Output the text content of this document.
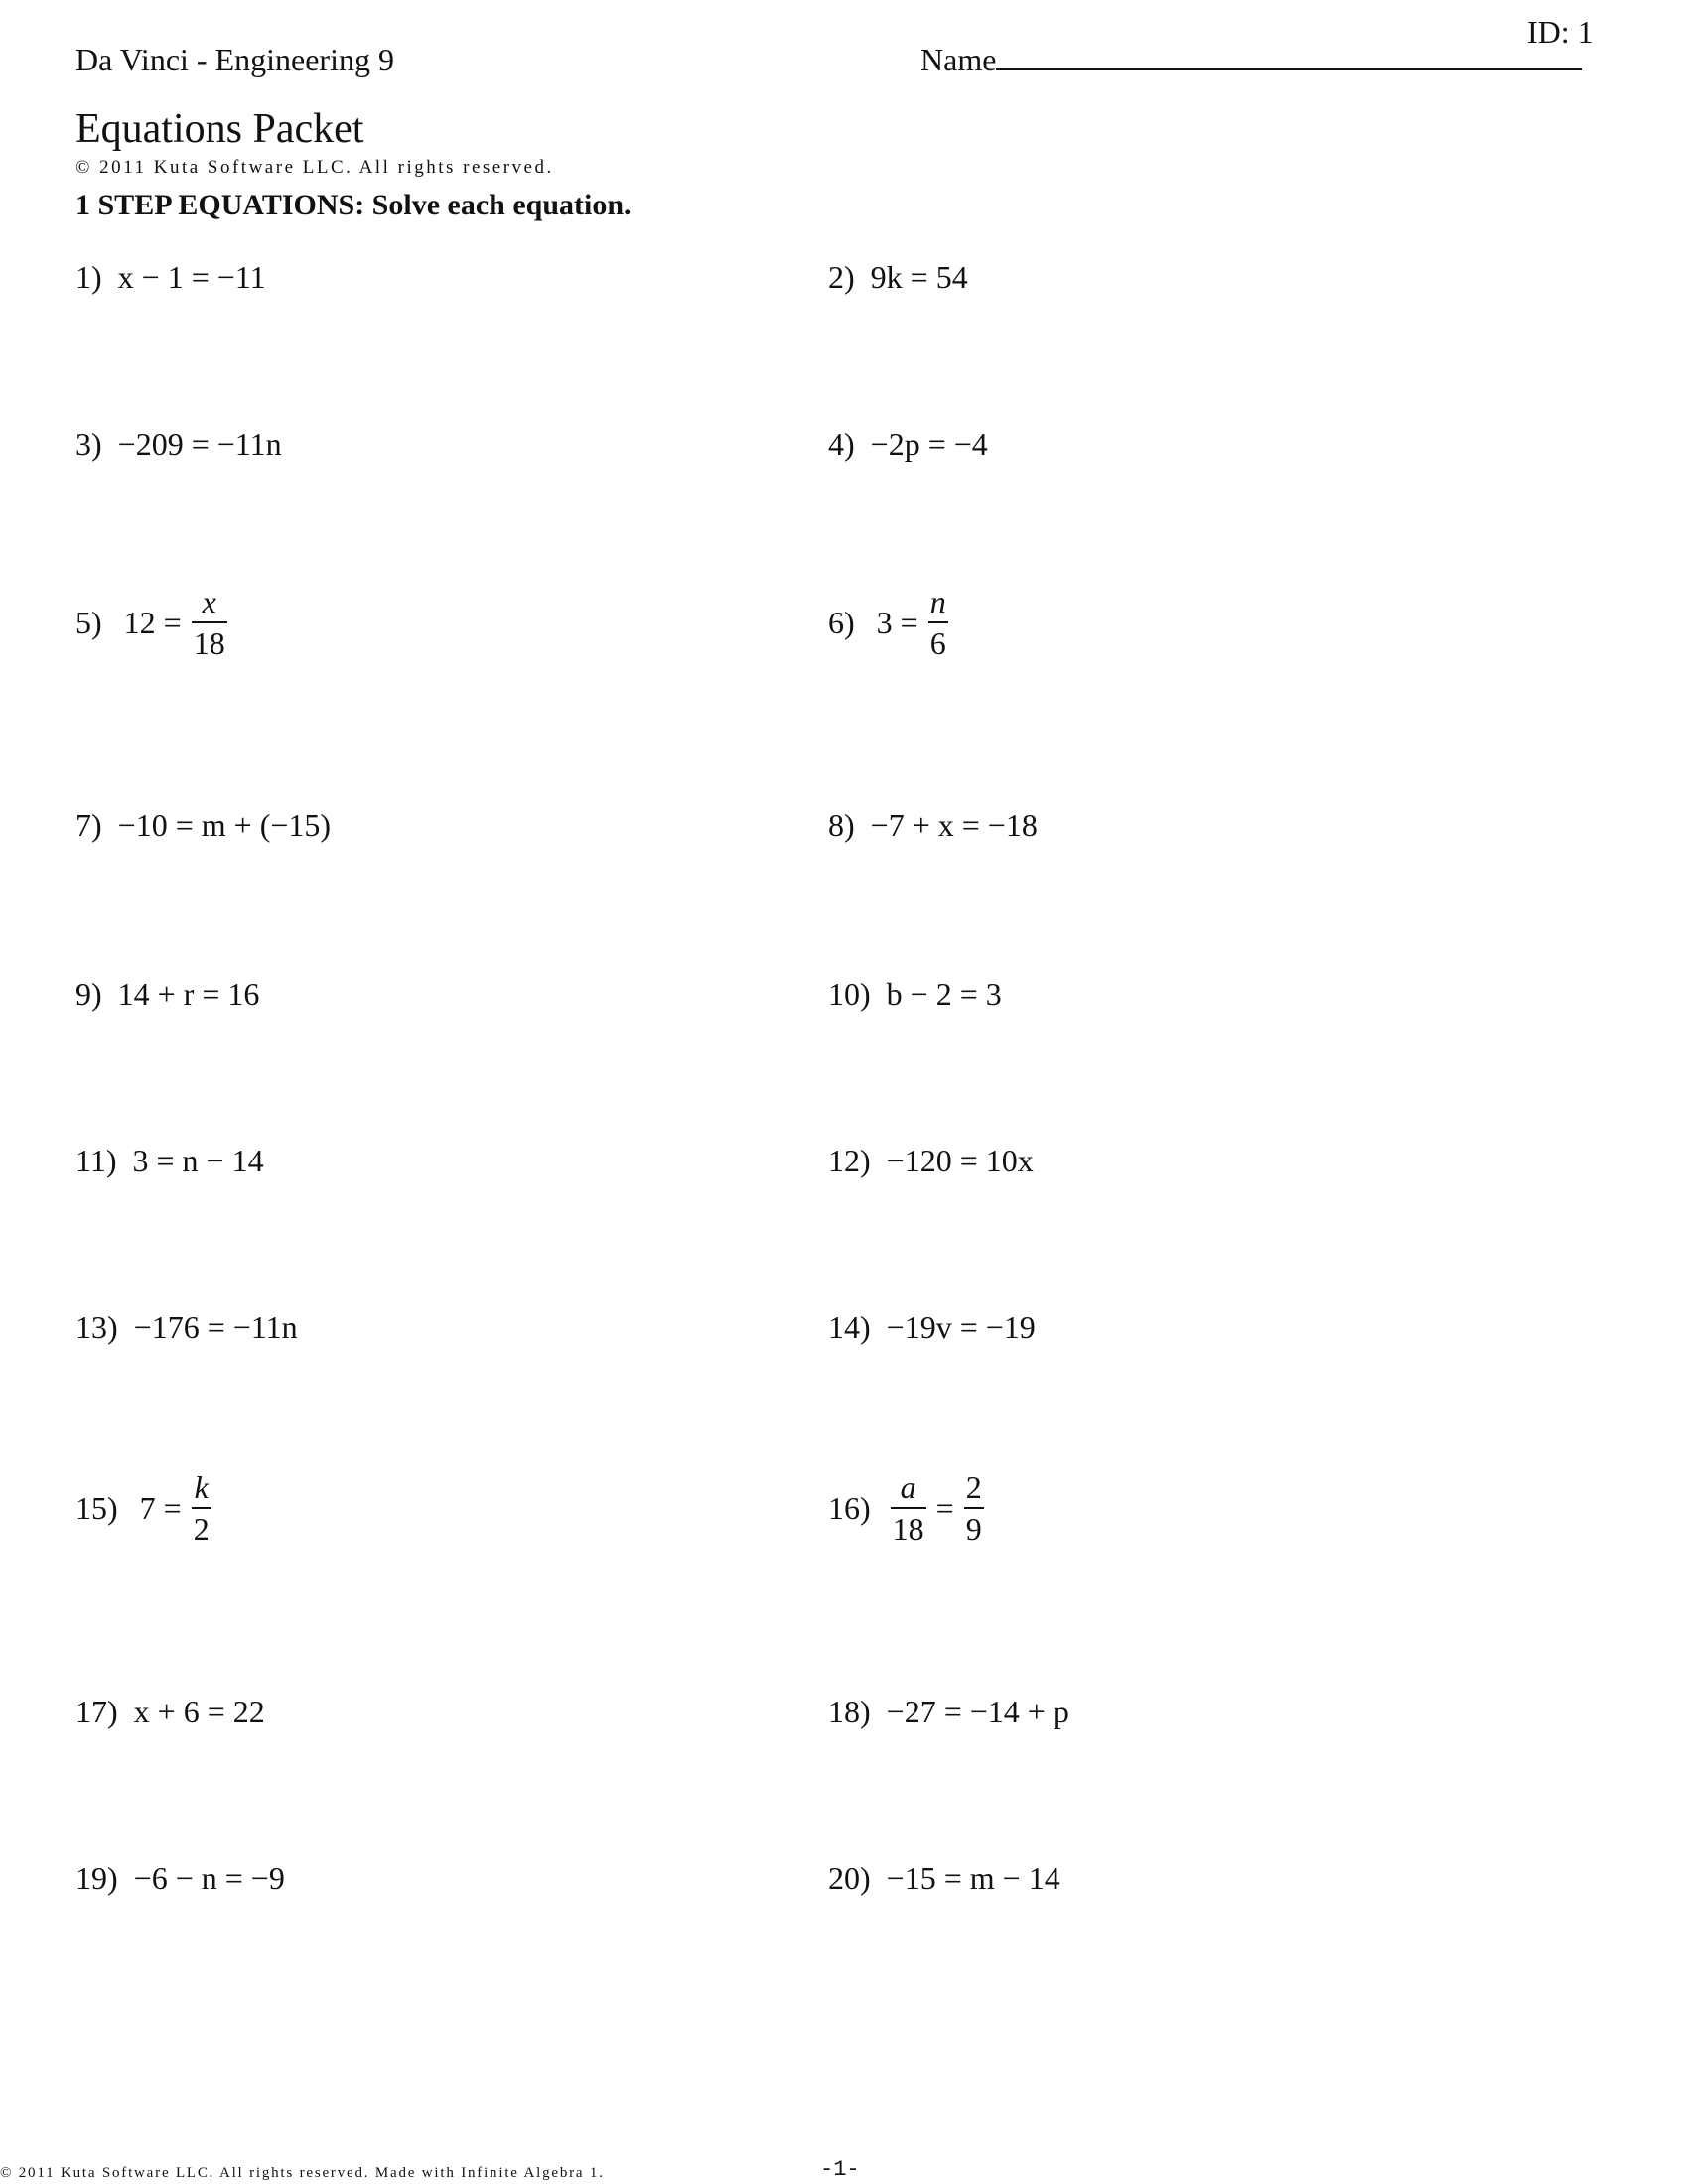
ID: 1
Da Vinci - Engineering 9	Name
Equations Packet
© 2011 Kuta Software LLC. All rights reserved.
1 STEP EQUATIONS: Solve each equation.
1) x − 1 = −11	2) 9k = 54
3) −209 = −11n	4) −2p = −4
5) $12 = \frac{x}{18}$	6) $3 = \frac{n}{6}$
7) −10 = m + (−15)	8) −7 + x = −18
9) 14 + r = 16	10) b − 2 = 3
11) 3 = n − 14	12) −120 = 10x
13) −176 = −11n	14) −19v = −19
15) $7 = \frac{k}{2}$	$16) \frac{a}{18} = \frac{2}{9}$
17) x + 6 = 22	18) −27 = −14 + p
19) −6 − n = −9	20) −15 = m − 14
© 2011 Kuta Software LLC. All rights reserved. Made with Infinite Algebra 1.	-1-
